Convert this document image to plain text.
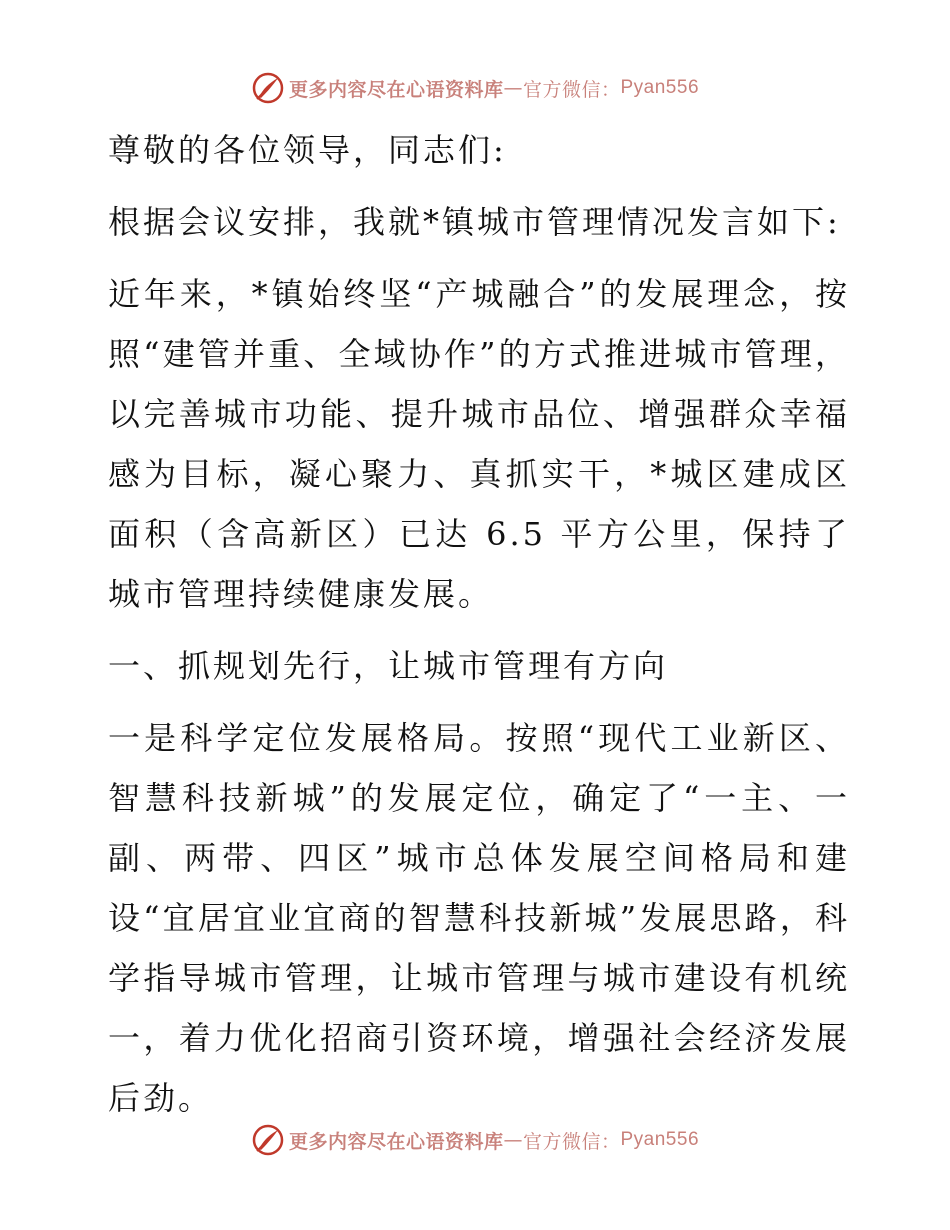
更多内容尽在心语资料库 — 官方微信： Pyan556

尊敬的各位领导，同志们:

根据会议安排，我就*镇城市管理情况发言如下:

近年来，*镇始终坚“产城融合”的发展理念，按照“建管并重、全域协作”的方式推进城市管理，以完善城市功能、提升城市品位、增强群众幸福感为目标，凝心聚力、真抓实干，*城区建成区面积（含高新区）已达 6.5 平方公里，保持了城市管理持续健康发展。

一、抓规划先行，让城市管理有方向

一是科学定位发展格局。按照“现代工业新区、智慧科技新城”的发展定位，确定了“一主、一副、两带、四区”城市总体发展空间格局和建设“宜居宜业宜商的智慧科技新城”发展思路，科学指导城市管理，让城市管理与城市建设有机统一，着力优化招商引资环境，增强社会经济发展后劲。

更多内容尽在心语资料库 — 官方微信： Pyan556
